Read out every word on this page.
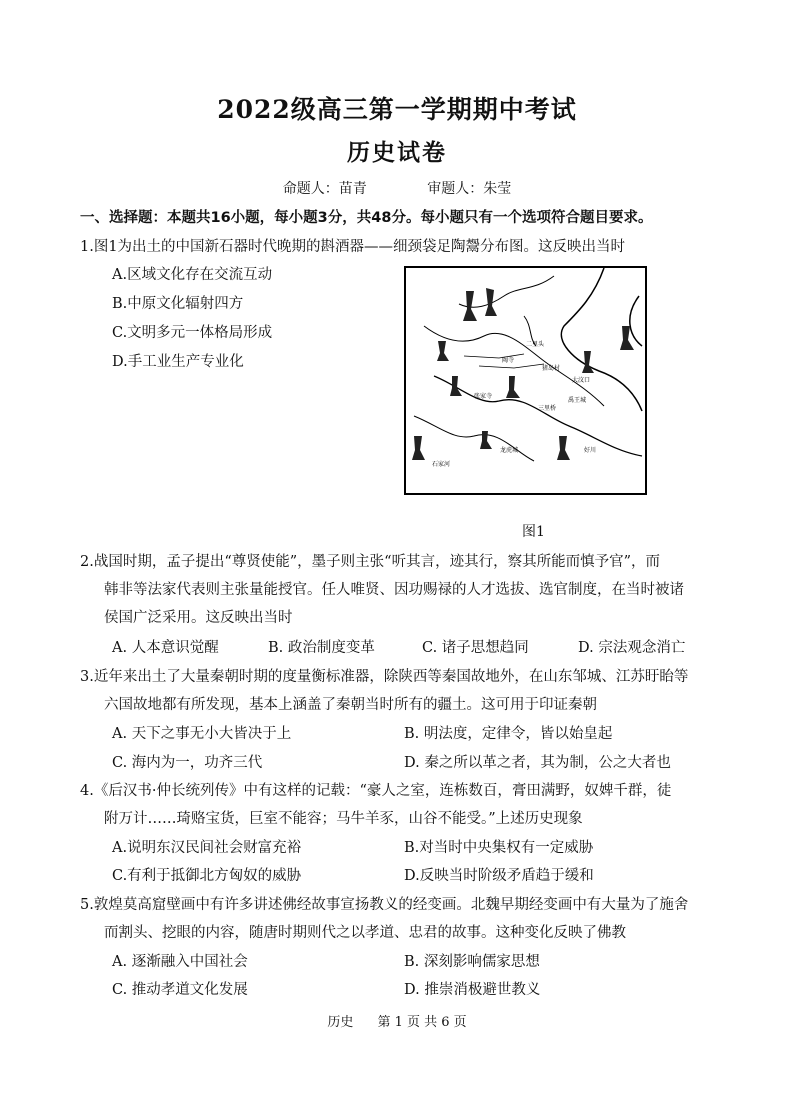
2022级高三第一学期期中考试
历史试卷
命题人：苗青	审题人：朱莹
一、选择题：本题共16小题，每小题3分，共48分。每小题只有一个选项符合题目要求。
1.图1为出土的中国新石器时代晚期的斟酒器——细颈袋足陶鬶分布图。这反映出当时
A.区域文化存在交流互动
B.中原文化辐射四方
C.文明多元一体格局形成
D.手工业生产专业化	猪岛村
张家寺
陶寺
大汶口
二里头
禹王城
三里桥
石家河
龙虎城	好川
图1
2.战国时期，孟子提出“尊贤使能”，墨子则主张“听其言，迹其行，察其所能而慎予官”，而
韩非等法家代表则主张量能授官。任人唯贤、因功赐禄的人才选拔、选官制度，在当时被诸
侯国广泛采用。这反映出当时
A. 人本意识觉醒	B. 政治制度变革	C. 诸子思想趋同	D. 宗法观念消亡
3.近年来出土了大量秦朝时期的度量衡标准器，除陕西等秦国故地外，在山东邹城、江苏盱眙等
六国故地都有所发现，基本上涵盖了秦朝当时所有的疆土。这可用于印证秦朝
A. 天下之事无小大皆决于上	B. 明法度，定律令，皆以始皇起
C. 海内为一，功齐三代	D. 秦之所以革之者，其为制，公之大者也
4.《后汉书·仲长统列传》中有这样的记载：“豪人之室，连栋数百，膏田满野，奴婢千群，徒
附万计……琦赂宝货，巨室不能容；马牛羊豕，山谷不能受。”上述历史现象
A.说明东汉民间社会财富充裕	B.对当时中央集权有一定威胁
C.有利于抵御北方匈奴的威胁	D.反映当时阶级矛盾趋于缓和
5.敦煌莫高窟壁画中有许多讲述佛经故事宣扬教义的经变画。北魏早期经变画中有大量为了施舍
而割头、挖眼的内容，随唐时期则代之以孝道、忠君的故事。这种变化反映了佛教
A. 逐渐融入中国社会	B. 深刻影响儒家思想
C. 推动孝道文化发展	D. 推崇消极避世教义
历史 第 1 页 共 6 页
